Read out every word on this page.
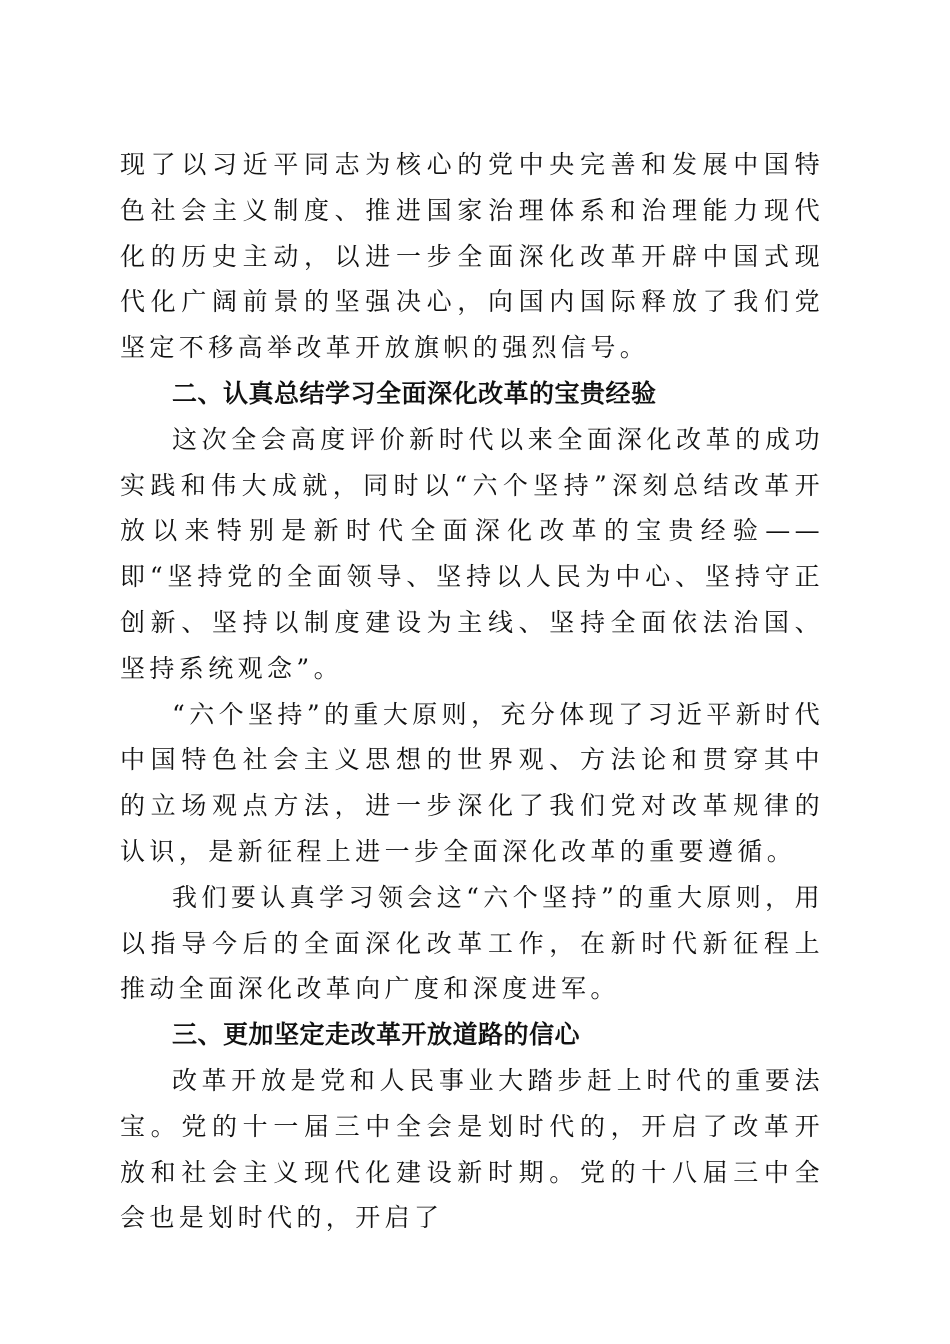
现了以习近平同志为核心的党中央完善和发展中国特色社会主义制度、推进国家治理体系和治理能力现代化的历史主动，以进一步全面深化改革开辟中国式现代化广阔前景的坚强决心，向国内国际释放了我们党坚定不移高举改革开放旗帜的强烈信号。

二、认真总结学习全面深化改革的宝贵经验

这次全会高度评价新时代以来全面深化改革的成功实践和伟大成就，同时以“六个坚持”深刻总结改革开放以来特别是新时代全面深化改革的宝贵经验——即“坚持党的全面领导、坚持以人民为中心、坚持守正创新、坚持以制度建设为主线、坚持全面依法治国、坚持系统观念”。

“六个坚持”的重大原则，充分体现了习近平新时代中国特色社会主义思想的世界观、方法论和贯穿其中的立场观点方法，进一步深化了我们党对改革规律的认识，是新征程上进一步全面深化改革的重要遵循。

我们要认真学习领会这“六个坚持”的重大原则，用以指导今后的全面深化改革工作，在新时代新征程上推动全面深化改革向广度和深度进军。

三、更加坚定走改革开放道路的信心

改革开放是党和人民事业大踏步赶上时代的重要法宝。党的十一届三中全会是划时代的，开启了改革开放和社会主义现代化建设新时期。党的十八届三中全会也是划时代的，开启了
